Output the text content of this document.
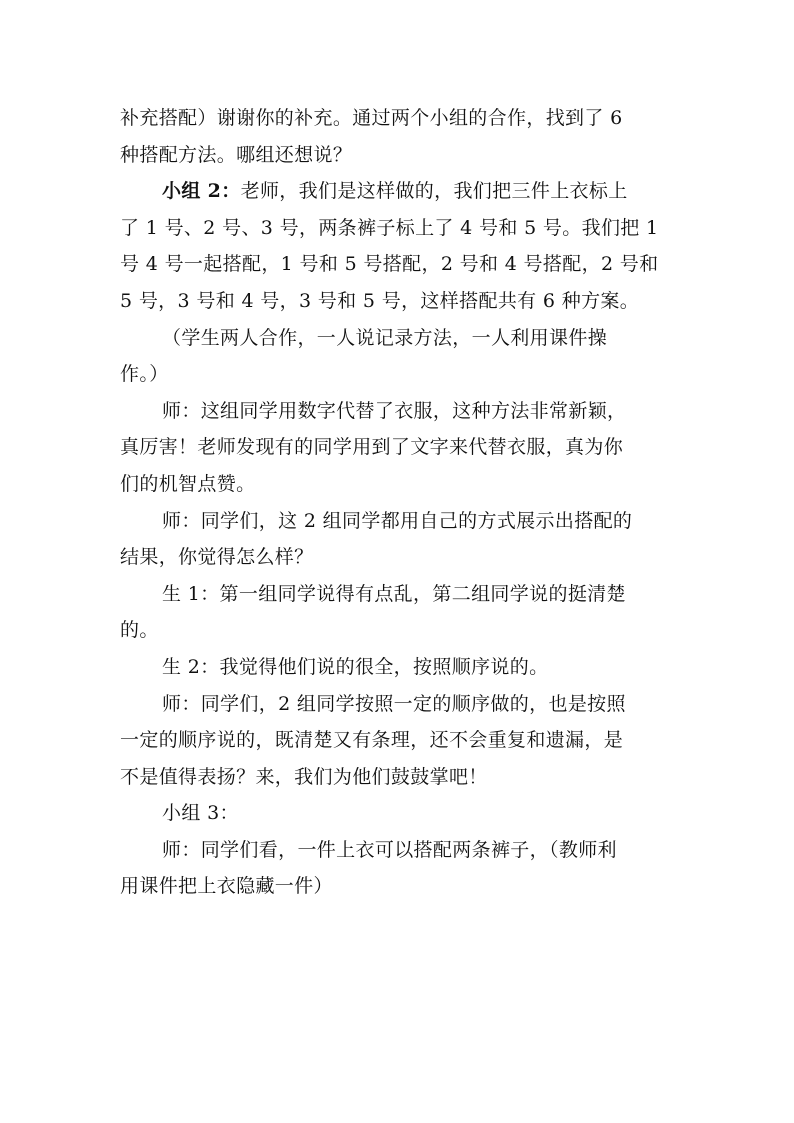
补充搭配）谢谢你的补充。通过两个小组的合作，找到了 6
种搭配方法。哪组还想说？
小组 2：老师，我们是这样做的，我们把三件上衣标上
了 1 号、2 号、3 号，两条裤子标上了 4 号和 5 号。我们把 1
号 4 号一起搭配，1 号和 5 号搭配，2 号和 4 号搭配，2 号和
5 号，3 号和 4 号，3 号和 5 号，这样搭配共有 6 种方案。
（学生两人合作，一人说记录方法，一人利用课件操
作。）
师：这组同学用数字代替了衣服，这种方法非常新颖，
真厉害！老师发现有的同学用到了文字来代替衣服，真为你
们的机智点赞。
师：同学们，这 2 组同学都用自己的方式展示出搭配的
结果，你觉得怎么样？
生 1：第一组同学说得有点乱，第二组同学说的挺清楚
的。
生 2：我觉得他们说的很全，按照顺序说的。
师：同学们，2 组同学按照一定的顺序做的，也是按照
一定的顺序说的，既清楚又有条理，还不会重复和遗漏，是
不是值得表扬？来，我们为他们鼓鼓掌吧！
小组 3：
师：同学们看，一件上衣可以搭配两条裤子，（教师利
用课件把上衣隐藏一件）
